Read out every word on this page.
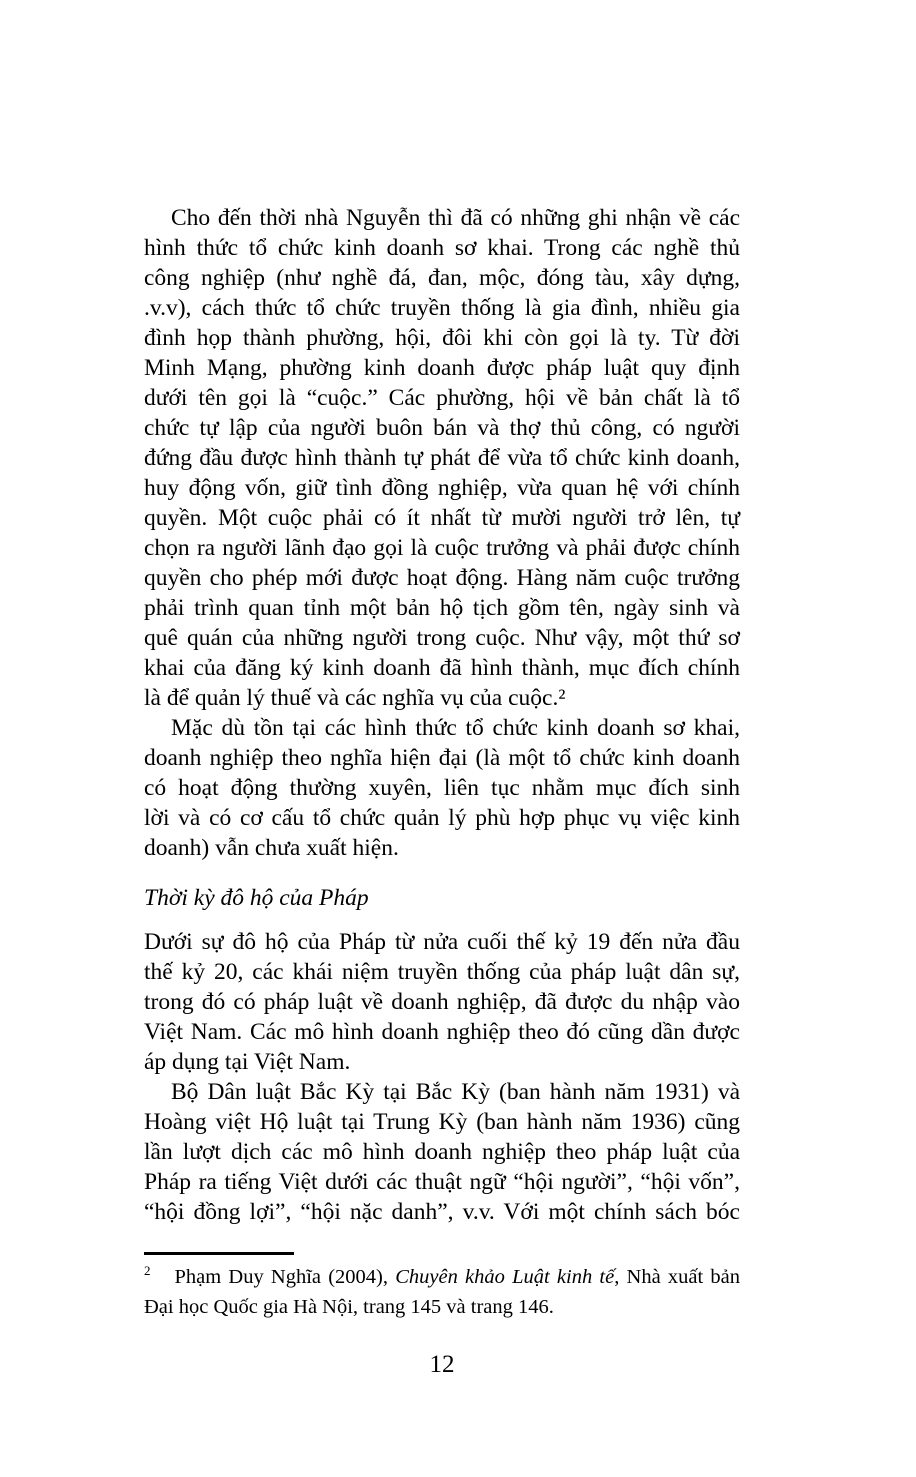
Cho đến thời nhà Nguyễn thì đã có những ghi nhận về các
hình thức tổ chức kinh doanh sơ khai. Trong các nghề thủ
công nghiệp (như nghề đá, đan, mộc, đóng tàu, xây dựng,
.v.v), cách thức tổ chức truyền thống là gia đình, nhiều gia
đình họp thành phường, hội, đôi khi còn gọi là ty. Từ đời
Minh Mạng, phường kinh doanh được pháp luật quy định
dưới tên gọi là “cuộc.” Các phường, hội về bản chất là tổ
chức tự lập của người buôn bán và thợ thủ công, có người
đứng đầu được hình thành tự phát để vừa tổ chức kinh doanh,
huy động vốn, giữ tình đồng nghiệp, vừa quan hệ với chính
quyền. Một cuộc phải có ít nhất từ mười người trở lên, tự
chọn ra người lãnh đạo gọi là cuộc trưởng và phải được chính
quyền cho phép mới được hoạt động. Hàng năm cuộc trưởng
phải trình quan tỉnh một bản hộ tịch gồm tên, ngày sinh và
quê quán của những người trong cuộc. Như vậy, một thứ sơ
khai của đăng ký kinh doanh đã hình thành, mục đích chính
là để quản lý thuế và các nghĩa vụ của cuộc.²
Mặc dù tồn tại các hình thức tổ chức kinh doanh sơ khai,
doanh nghiệp theo nghĩa hiện đại (là một tổ chức kinh doanh
có hoạt động thường xuyên, liên tục nhằm mục đích sinh
lời và có cơ cấu tổ chức quản lý phù hợp phục vụ việc kinh
doanh) vẫn chưa xuất hiện.
Thời kỳ đô hộ của Pháp
Dưới sự đô hộ của Pháp từ nửa cuối thế kỷ 19 đến nửa đầu
thế kỷ 20, các khái niệm truyền thống của pháp luật dân sự,
trong đó có pháp luật về doanh nghiệp, đã được du nhập vào
Việt Nam. Các mô hình doanh nghiệp theo đó cũng dần được
áp dụng tại Việt Nam.
Bộ Dân luật Bắc Kỳ tại Bắc Kỳ (ban hành năm 1931) và
Hoàng việt Hộ luật tại Trung Kỳ (ban hành năm 1936) cũng
lần lượt dịch các mô hình doanh nghiệp theo pháp luật của
Pháp ra tiếng Việt dưới các thuật ngữ “hội người”, “hội vốn”,
“hội đồng lợi”, “hội nặc danh”, v.v. Với một chính sách bóc
$^2$ Phạm Duy Nghĩa (2004), Chuyên khảo Luật kinh tế, Nhà xuất bản
Đại học Quốc gia Hà Nội, trang 145 và trang 146.
12
